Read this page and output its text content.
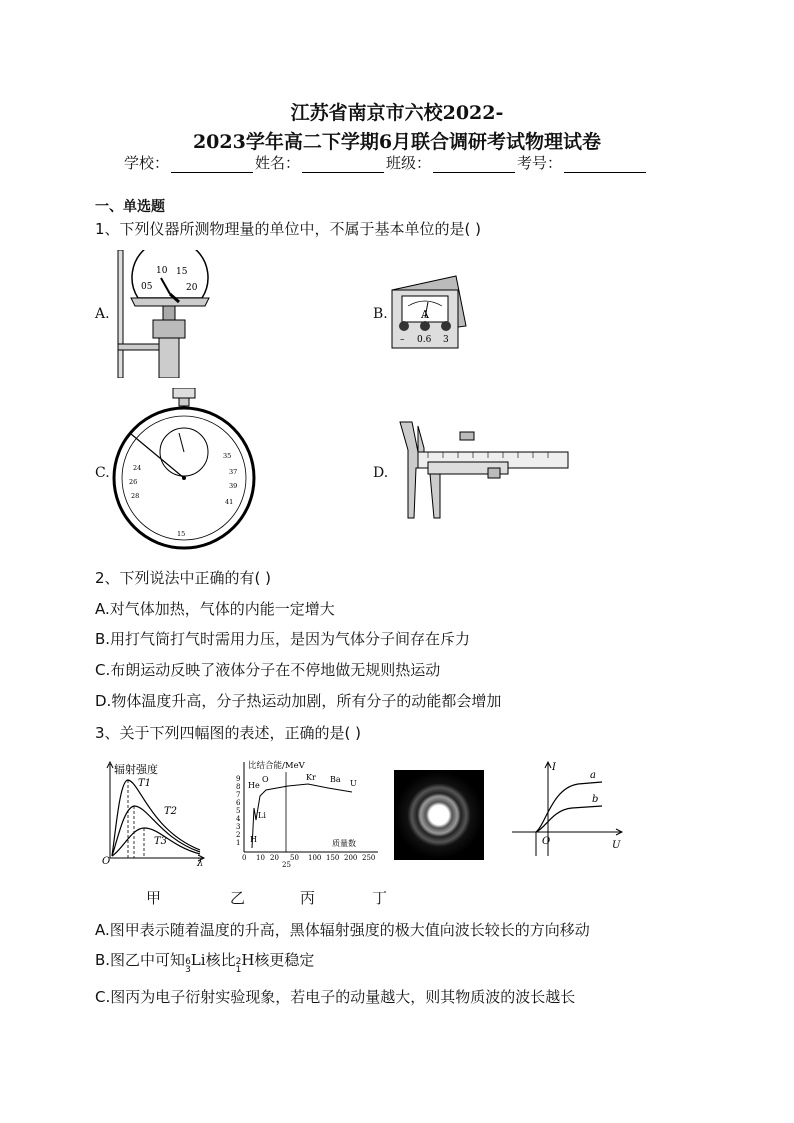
江苏省南京市六校2022-
2023学年高二下学期6月联合调研考试物理试卷
学校：	姓名：	班级：	考号：
一、单选题
1、下列仪器所测物理量的单位中，不属于基本单位的是( )
A.	B.
C.	D.
05
10 15
20
A
– 0.6 3
24
26
28
35
37
39
41
15
2、下列说法中正确的有( )
A.对气体加热，气体的内能一定增大
B.用打气筒打气时需用力压，是因为气体分子间存在斥力
C.布朗运动反映了液体分子在不停地做无规则热运动
D.物体温度升高，分子热运动加剧，所有分子的动能都会增加
3、关于下列四幅图的表述，正确的是( )
辐射强度
T1
T2
T3
O	λ
比结合能/MeV
9
8
7
6
5
4
3
2
1
He
O	Kr Ba U
Li
H
0 10 20 50 100 150 200 250
25
质量数
I
U
O
a
b
甲	乙	丙	丁
A.图甲表示随着温度的升高，黑体辐射强度的极大值向波长较长的方向移动
B.图乙中可知6
3Li核比2
1H核更稳定
C.图丙为电子衍射实验现象，若电子的动量越大，则其物质波的波长越长
